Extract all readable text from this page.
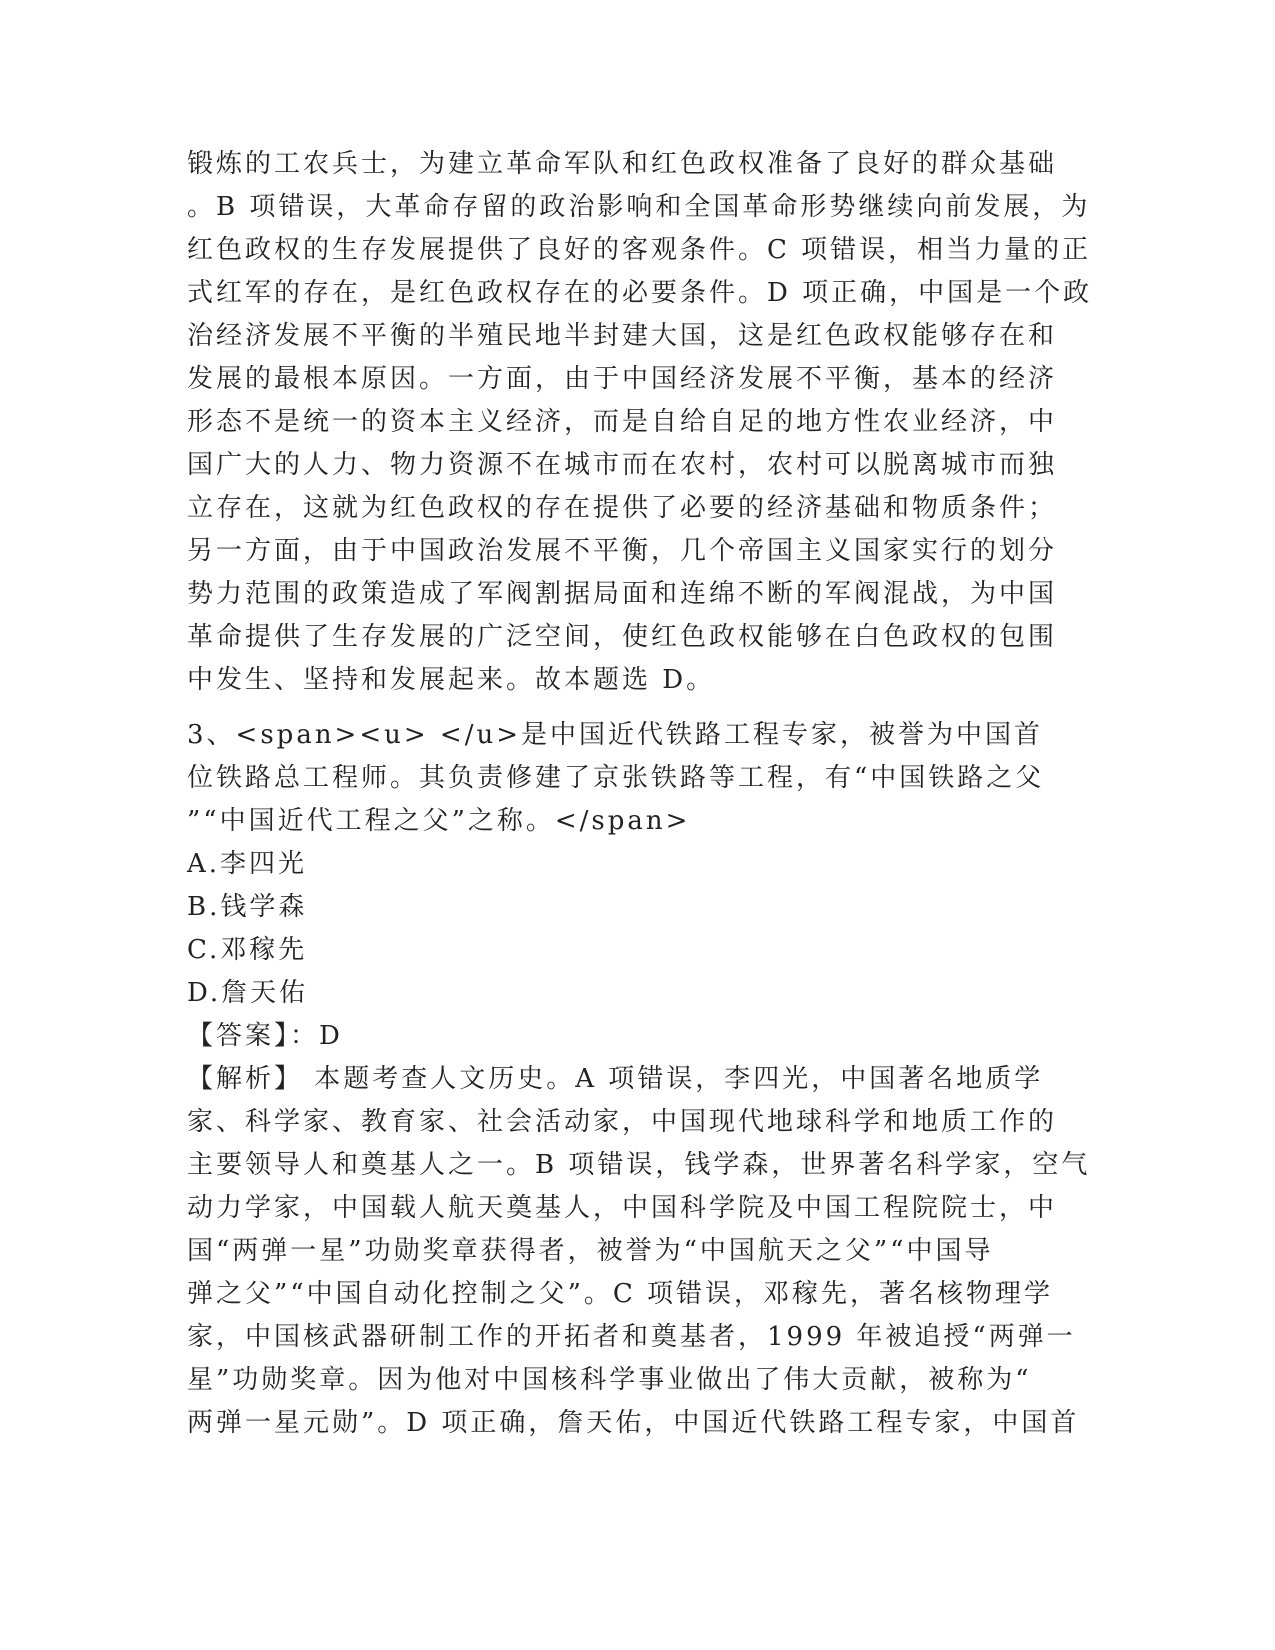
锻炼的工农兵士，为建立革命军队和红色政权准备了良好的群众基础
。B 项错误，大革命存留的政治影响和全国革命形势继续向前发展，为
红色政权的生存发展提供了良好的客观条件。C 项错误，相当力量的正
式红军的存在，是红色政权存在的必要条件。D 项正确，中国是一个政
治经济发展不平衡的半殖民地半封建大国，这是红色政权能够存在和
发展的最根本原因。一方面，由于中国经济发展不平衡，基本的经济
形态不是统一的资本主义经济，而是自给自足的地方性农业经济，中
国广大的人力、物力资源不在城市而在农村，农村可以脱离城市而独
立存在，这就为红色政权的存在提供了必要的经济基础和物质条件；
另一方面，由于中国政治发展不平衡，几个帝国主义国家实行的划分
势力范围的政策造成了军阀割据局面和连绵不断的军阀混战，为中国
革命提供了生存发展的广泛空间，使红色政权能够在白色政权的包围
中发生、坚持和发展起来。故本题选 D。
3、<span><u> </u>是中国近代铁路工程专家，被誉为中国首
位铁路总工程师。其负责修建了京张铁路等工程，有“中国铁路之父
”“中国近代工程之父”之称。</span>
A.李四光
B.钱学森
C.邓稼先
D.詹天佑
【答案】：D
【解析】 本题考查人文历史。A 项错误，李四光，中国著名地质学
家、科学家、教育家、社会活动家，中国现代地球科学和地质工作的
主要领导人和奠基人之一。B 项错误，钱学森，世界著名科学家，空气
动力学家，中国载人航天奠基人，中国科学院及中国工程院院士，中
国“两弹一星”功勋奖章获得者，被誉为“中国航天之父”“中国导
弹之父”“中国自动化控制之父”。C 项错误，邓稼先，著名核物理学
家，中国核武器研制工作的开拓者和奠基者，1999 年被追授“两弹一
星”功勋奖章。因为他对中国核科学事业做出了伟大贡献，被称为“
两弹一星元勋”。D 项正确，詹天佑，中国近代铁路工程专家，中国首
